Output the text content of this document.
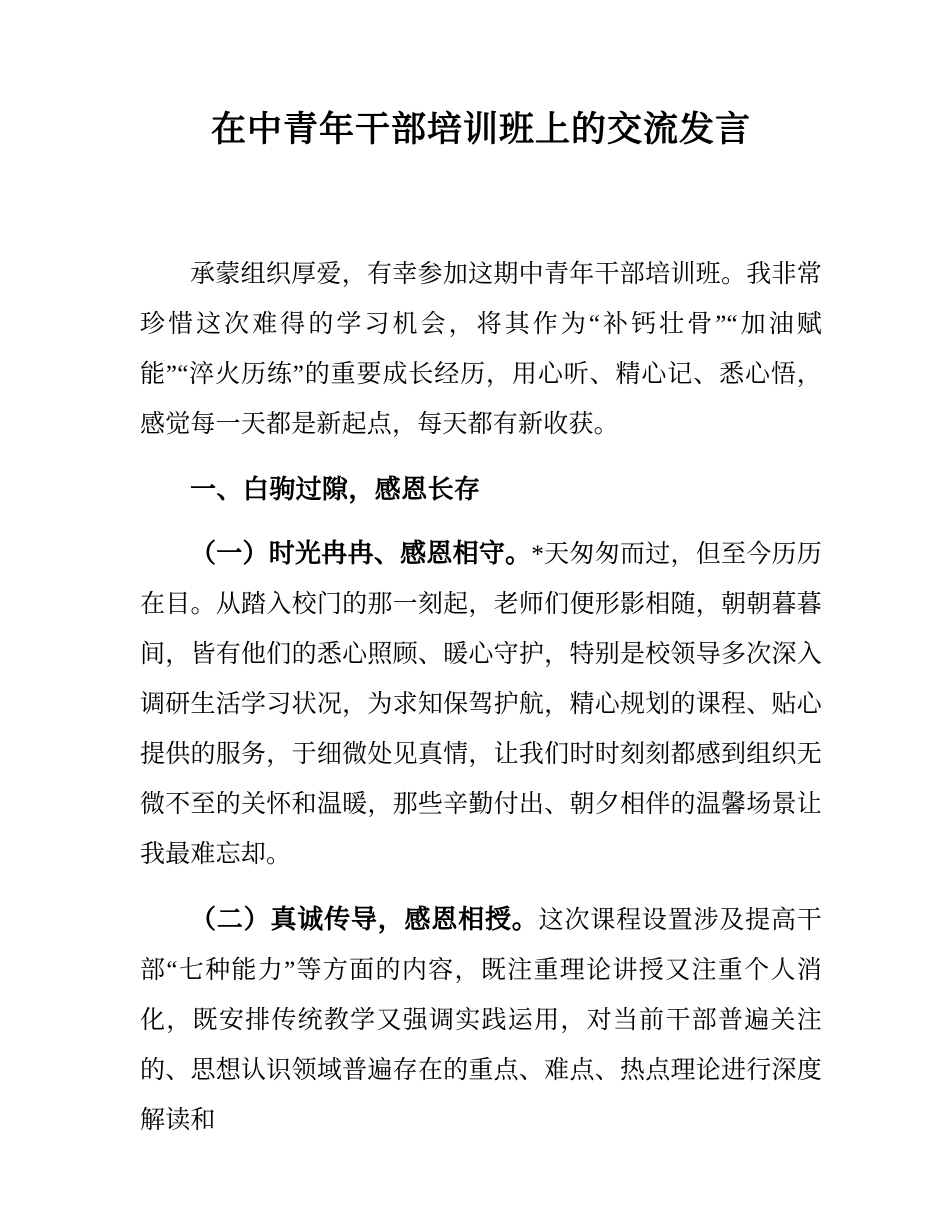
在中青年干部培训班上的交流发言

承蒙组织厚爱，有幸参加这期中青年干部培训班。我非常珍惜这次难得的学习机会，将其作为“补钙壮骨”“加油赋能”“淬火历练”的重要成长经历，用心听、精心记、悉心悟，感觉每一天都是新起点，每天都有新收获。

一、白驹过隙，感恩长存

（一）时光冉冉、感恩相守。*天匆匆而过，但至今历历在目。从踏入校门的那一刻起，老师们便形影相随，朝朝暮暮间，皆有他们的悉心照顾、暖心守护，特别是校领导多次深入调研生活学习状况，为求知保驾护航，精心规划的课程、贴心提供的服务，于细微处见真情，让我们时时刻刻都感到组织无微不至的关怀和温暖，那些辛勤付出、朝夕相伴的温馨场景让我最难忘却。

（二）真诚传导，感恩相授。这次课程设置涉及提高干部“七种能力”等方面的内容，既注重理论讲授又注重个人消化，既安排传统教学又强调实践运用，对当前干部普遍关注的、思想认识领域普遍存在的重点、难点、热点理论进行深度解读和
